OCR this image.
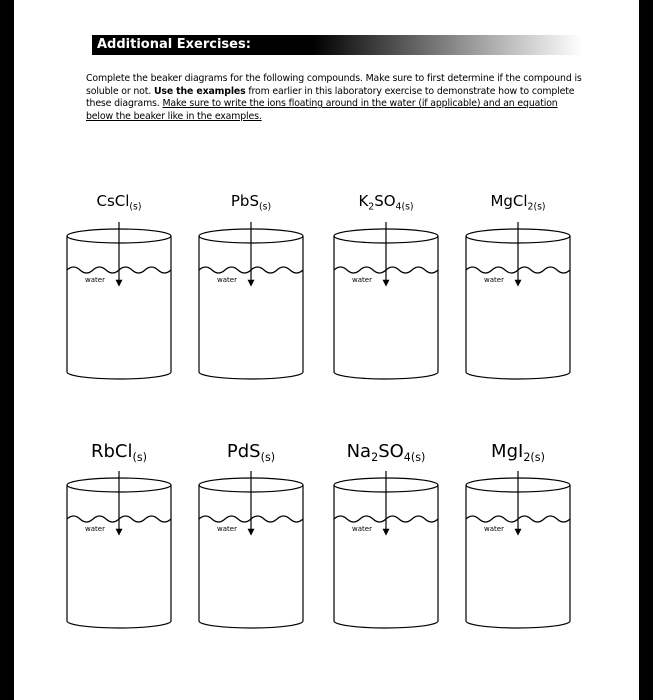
Additional Exercises:
Complete the beaker diagrams for the following compounds. Make sure to first determine if the compound is soluble or not. Use the examples from earlier in this laboratory exercise to demonstrate how to complete these diagrams. Make sure to write the ions floating around in the water (if applicable) and an equation below the beaker like in the examples.
CsCl$_{(s)}$
water
PbS$_{(s)}$
water
$K_2SO_{4(s)}$
water
MgCl$_{2(s)}$
water
RbCl$_{(s)}$
water
PdS$_{(s)}$
water
$Na_2SO_{4(s)}$
water
MgI$_{2(s)}$
water
